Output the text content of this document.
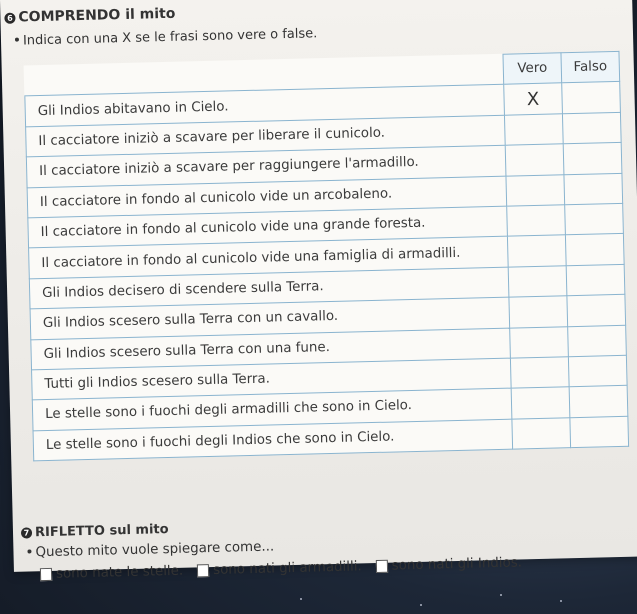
6 COMPRENDO il mito
Indica con una X se le frasi sono vere o false.
	Vero	Falso
Gli Indios abitavano in Cielo.	X	
Il cacciatore iniziò a scavare per liberare il cunicolo.		
Il cacciatore iniziò a scavare per raggiungere l'armadillo.		
Il cacciatore in fondo al cunicolo vide un arcobaleno.		
Il cacciatore in fondo al cunicolo vide una grande foresta.		
Il cacciatore in fondo al cunicolo vide una famiglia di armadilli.		
Gli Indios decisero di scendere sulla Terra.		
Gli Indios scesero sulla Terra con un cavallo.		
Gli Indios scesero sulla Terra con una fune.		
Tutti gli Indios scesero sulla Terra.		
Le stelle sono i fuochi degli armadilli che sono in Cielo.		
Le stelle sono i fuochi degli Indios che sono in Cielo.		
7 RIFLETTO sul mito
Questo mito vuole spiegare come...
sono nate le stelle. sono nati gli armadilli. sono nati gli Indios.
